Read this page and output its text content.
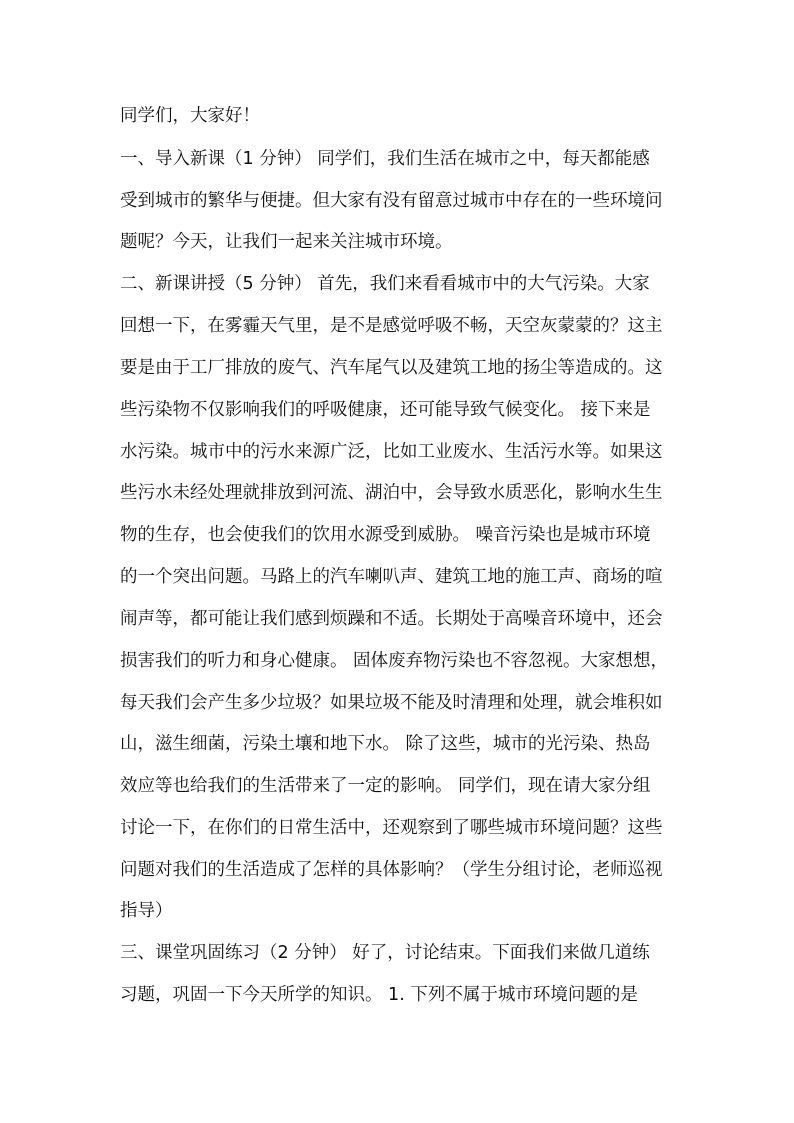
同学们，大家好！
一、导入新课（1 分钟） 同学们，我们生活在城市之中，每天都能感
受到城市的繁华与便捷。但大家有没有留意过城市中存在的一些环境问
题呢？今天，让我们一起来关注城市环境。
二、新课讲授（5 分钟） 首先，我们来看看城市中的大气污染。大家
回想一下，在雾霾天气里，是不是感觉呼吸不畅，天空灰蒙蒙的？这主
要是由于工厂排放的废气、汽车尾气以及建筑工地的扬尘等造成的。这
些污染物不仅影响我们的呼吸健康，还可能导致气候变化。 接下来是
水污染。城市中的污水来源广泛，比如工业废水、生活污水等。如果这
些污水未经处理就排放到河流、湖泊中，会导致水质恶化，影响水生生
物的生存，也会使我们的饮用水源受到威胁。 噪音污染也是城市环境
的一个突出问题。马路上的汽车喇叭声、建筑工地的施工声、商场的喧
闹声等，都可能让我们感到烦躁和不适。长期处于高噪音环境中，还会
损害我们的听力和身心健康。 固体废弃物污染也不容忽视。大家想想，
每天我们会产生多少垃圾？如果垃圾不能及时清理和处理，就会堆积如
山，滋生细菌，污染土壤和地下水。 除了这些，城市的光污染、热岛
效应等也给我们的生活带来了一定的影响。 同学们，现在请大家分组
讨论一下，在你们的日常生活中，还观察到了哪些城市环境问题？这些
问题对我们的生活造成了怎样的具体影响？（学生分组讨论，老师巡视
指导）
三、课堂巩固练习（2 分钟） 好了，讨论结束。下面我们来做几道练
习题，巩固一下今天所学的知识。 1. 下列不属于城市环境问题的是
